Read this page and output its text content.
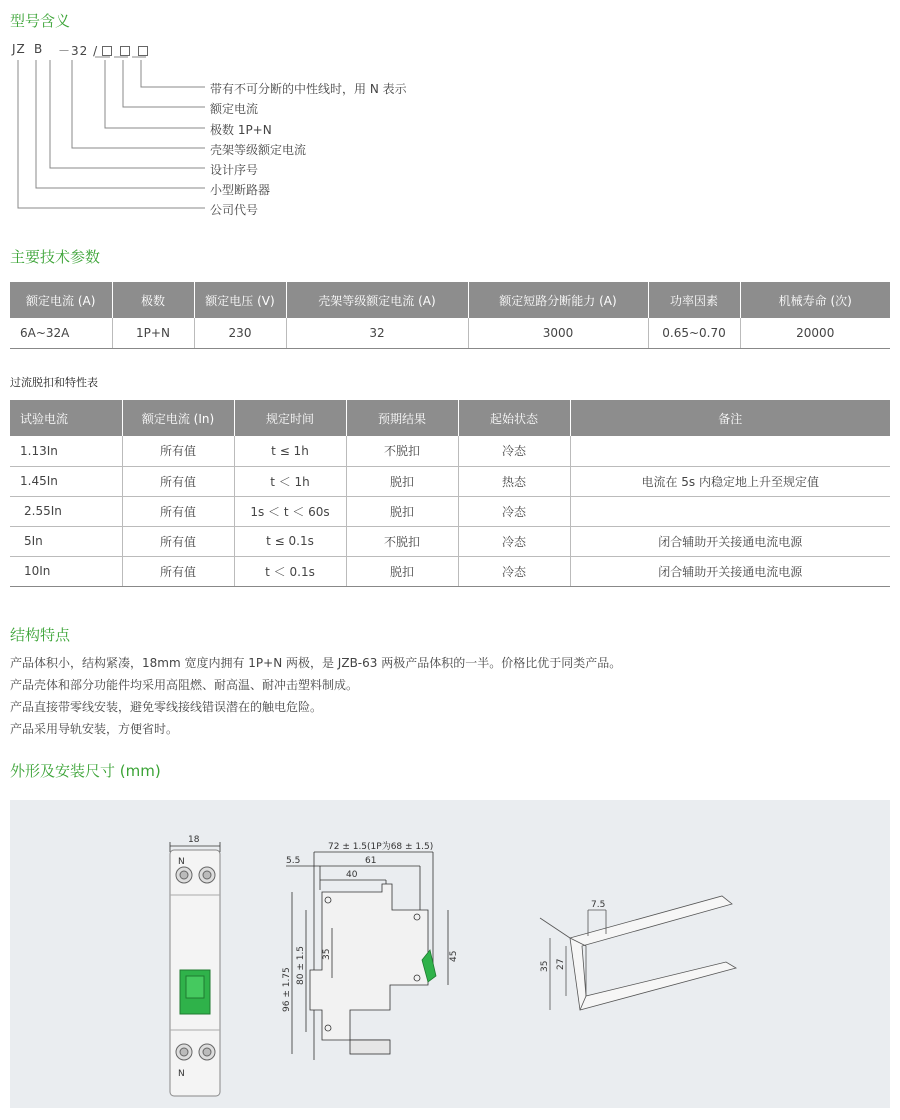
型号含义
JZ B －32 /
带有不可分断的中性线时，用 N 表示
额定电流
极数 1P+N
壳架等级额定电流
设计序号
小型断路器
公司代号
主要技术参数
额定电流 (A)	极数	额定电压 (V)	壳架等级额定电流 (A)	额定短路分断能力 (A)	功率因素	机械寿命 (次)
6A~32A	1P+N	230	32	3000	0.65~0.70	20000
过流脱扣和特性表
试验电流	额定电流 (In)	规定时间	预期结果	起始状态	备注
1.13In	所有值	t ≤ 1h	不脱扣	冷态	
1.45In	所有值	t ＜ 1h	脱扣	热态	电流在 5s 内稳定地上升至规定值
2.55In	所有值	1s ＜ t ＜ 60s	脱扣	冷态	
5In	所有值	t ≤ 0.1s	不脱扣	冷态	闭合辅助开关接通电流电源
10In	所有值	t ＜ 0.1s	脱扣	冷态	闭合辅助开关接通电流电源
结构特点
产品体积小，结构紧凑，18mm 宽度内拥有 1P+N 两极，是 JZB-63 两极产品体积的一半。价格比优于同类产品。
产品壳体和部分功能件均采用高阻燃、耐高温、耐冲击塑料制成。
产品直接带零线安装，避免零线接线错误潜在的触电危险。
产品采用导轨安装，方便省时。
外形及安装尺寸 (mm)
18
N
N
72 ± 1.5(1P为68 ± 1.5)
61
5.5
40
96 ± 1.75
80 ± 1.5 35	45
7.5
35 27
